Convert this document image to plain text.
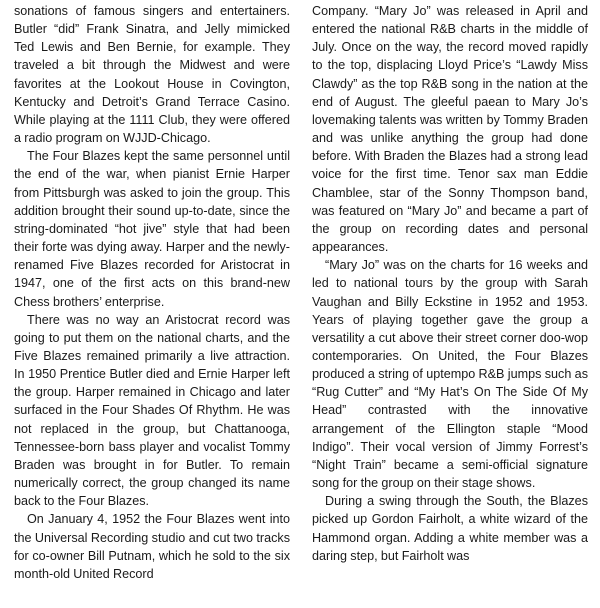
sonations of famous singers and entertainers. Butler “did” Frank Sinatra, and Jelly mimicked Ted Lewis and Ben Bernie, for example. They traveled a bit through the Midwest and were favorites at the Lookout House in Covington, Kentucky and Detroit’s Grand Terrace Casino. While playing at the 1111 Club, they were offered a radio program on WJJD-Chicago.

The Four Blazes kept the same personnel until the end of the war, when pianist Ernie Harper from Pittsburgh was asked to join the group. This addition brought their sound up-to-date, since the string-dominated “hot jive” style that had been their forte was dying away. Harper and the newly-renamed Five Blazes recorded for Aristocrat in 1947, one of the first acts on this brand-new Chess brothers’ enterprise.

There was no way an Aristocrat record was going to put them on the national charts, and the Five Blazes remained primarily a live attraction. In 1950 Prentice Butler died and Ernie Harper left the group. Harper remained in Chicago and later surfaced in the Four Shades Of Rhythm. He was not replaced in the group, but Chattanooga, Tennessee-born bass player and vocalist Tommy Braden was brought in for Butler. To remain numerically correct, the group changed its name back to the Four Blazes.

On January 4, 1952 the Four Blazes went into the Universal Recording studio and cut two tracks for co-owner Bill Putnam, which he sold to the six month-old United Record

Company. “Mary Jo” was released in April and entered the national R&B charts in the middle of July. Once on the way, the record moved rapidly to the top, displacing Lloyd Price’s “Lawdy Miss Clawdy” as the top R&B song in the nation at the end of August. The gleeful paean to Mary Jo’s lovemaking talents was written by Tommy Braden and was unlike anything the group had done before. With Braden the Blazes had a strong lead voice for the first time. Tenor sax man Eddie Chamblee, star of the Sonny Thompson band, was featured on “Mary Jo” and became a part of the group on recording dates and personal appearances.

“Mary Jo” was on the charts for 16 weeks and led to national tours by the group with Sarah Vaughan and Billy Eckstine in 1952 and 1953. Years of playing together gave the group a versatility a cut above their street corner doo-wop contemporaries. On United, the Four Blazes produced a string of uptempo R&B jumps such as “Rug Cutter” and “My Hat’s On The Side Of My Head” contrasted with the innovative arrangement of the Ellington staple “Mood Indigo”. Their vocal version of Jimmy Forrest’s “Night Train” became a semi-official signature song for the group on their stage shows.

During a swing through the South, the Blazes picked up Gordon Fairholt, a white wizard of the Hammond organ. Adding a white member was a daring step, but Fairholt was
